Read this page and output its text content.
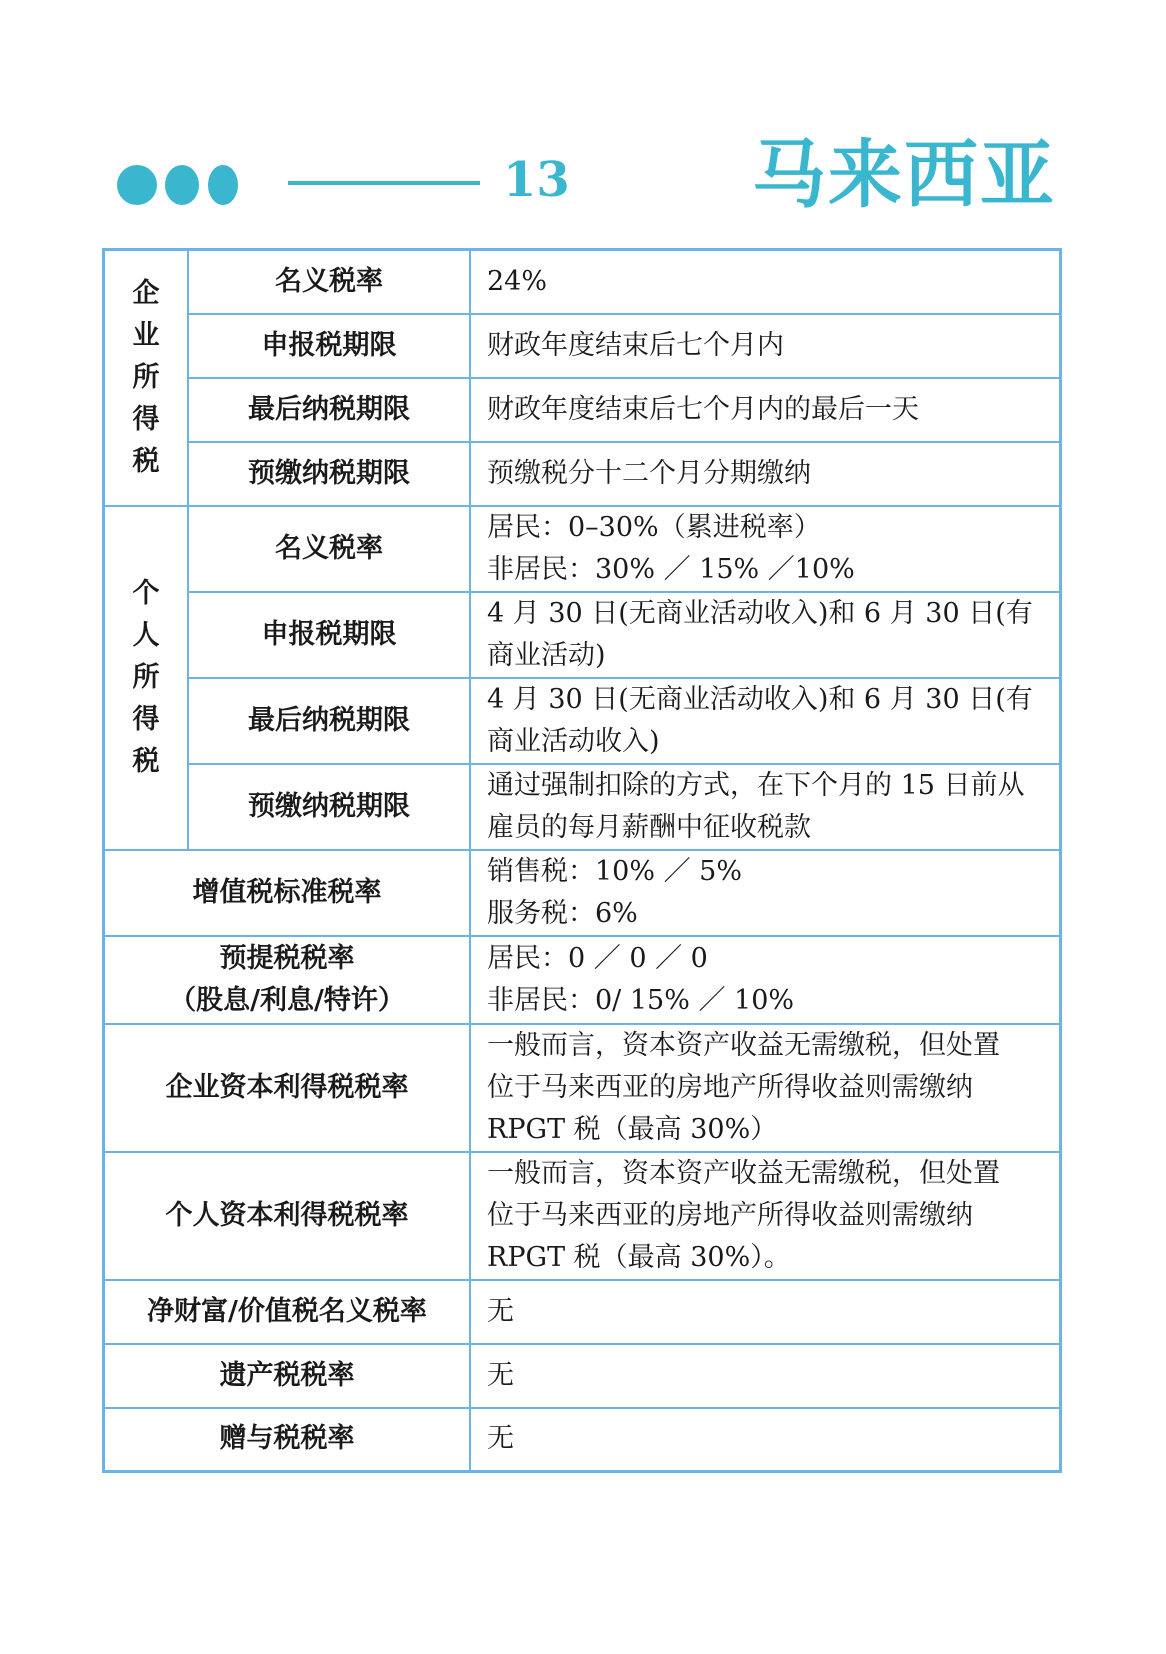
13 马来西亚
企业所得税	名义税率	24%
	申报税期限	财政年度结束后七个月内
	最后纳税期限	财政年度结束后七个月内的最后一天
	预缴纳税期限	预缴税分十二个月分期缴纳
个人所得税	名义税率	居民：0–30%（累进税率）
非居民：30% ／ 15% ／10%

	申报税期限	4 月 30 日(无商业活动收入)和 6 月 30 日(有
商业活动)

	最后纳税期限	4 月 30 日(无商业活动收入)和 6 月 30 日(有
商业活动收入)

	预缴纳税期限	通过强制扣除的方式，在下个月的 15 日前从
雇员的每月薪酬中征收税款

增值税标准税率		销售税：10% ／ 5%
服务税：6%

预提税税率
（股息/利息/特许）		居民：0 ／ 0 ／ 0
非居民：0/ 15% ／ 10%

企业资本利得税税率		一般而言，资本资产收益无需缴税，但处置
位于马来西亚的房地产所得收益则需缴纳
RPGT 税（最高 30%）

个人资本利得税税率		一般而言，资本资产收益无需缴税，但处置
位于马来西亚的房地产所得收益则需缴纳
RPGT 税（最高 30%）。

净财富/价值税名义税率		无
遗产税税率		无
赠与税税率		无
